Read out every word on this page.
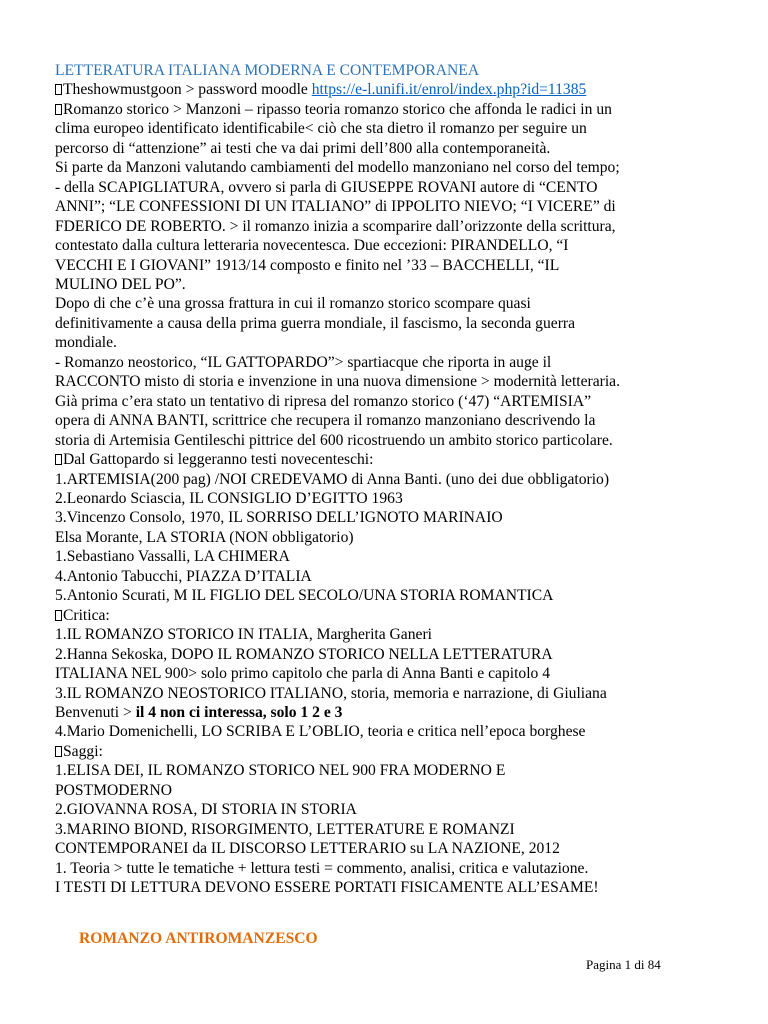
LETTERATURA ITALIANA MODERNA E CONTEMPORANEA
Theshowmustgoon > password moodle https://e-l.unifi.it/enrol/index.php?id=11385
Romanzo storico > Manzoni – ripasso teoria romanzo storico che affonda le radici in un
clima europeo identificato identificabile< ciò che sta dietro il romanzo per seguire un
percorso di “attenzione” ai testi che va dai primi dell’800 alla contemporaneità.
Si parte da Manzoni valutando cambiamenti del modello manzoniano nel corso del tempo;
- della SCAPIGLIATURA, ovvero si parla di GIUSEPPE ROVANI autore di “CENTO
ANNI”; “LE CONFESSIONI DI UN ITALIANO” di IPPOLITO NIEVO; “I VICERE” di
FDERICO DE ROBERTO. > il romanzo inizia a scomparire dall’orizzonte della scrittura,
contestato dalla cultura letteraria novecentesca. Due eccezioni: PIRANDELLO, “I
VECCHI E I GIOVANI” 1913/14 composto e finito nel ’33 – BACCHELLI, “IL
MULINO DEL PO”.
Dopo di che c’è una grossa frattura in cui il romanzo storico scompare quasi
definitivamente a causa della prima guerra mondiale, il fascismo, la seconda guerra
mondiale.
- Romanzo neostorico, “IL GATTOPARDO”> spartiacque che riporta in auge il
RACCONTO misto di storia e invenzione in una nuova dimensione > modernità letteraria.
Già prima c’era stato un tentativo di ripresa del romanzo storico (‘47) “ARTEMISIA”
opera di ANNA BANTI, scrittrice che recupera il romanzo manzoniano descrivendo la
storia di Artemisia Gentileschi pittrice del 600 ricostruendo un ambito storico particolare.
Dal Gattopardo si leggeranno testi novecenteschi:
1.ARTEMISIA(200 pag) /NOI CREDEVAMO di Anna Banti. (uno dei due obbligatorio)
2.Leonardo Sciascia, IL CONSIGLIO D’EGITTO 1963
3.Vincenzo Consolo, 1970, IL SORRISO DELL’IGNOTO MARINAIO
Elsa Morante, LA STORIA (NON obbligatorio)
1.Sebastiano Vassalli, LA CHIMERA
4.Antonio Tabucchi, PIAZZA D’ITALIA
5.Antonio Scurati, M IL FIGLIO DEL SECOLO/UNA STORIA ROMANTICA
Critica:
1.IL ROMANZO STORICO IN ITALIA, Margherita Ganeri
2.Hanna Sekoska, DOPO IL ROMANZO STORICO NELLA LETTERATURA
ITALIANA NEL 900> solo primo capitolo che parla di Anna Banti e capitolo 4
3.IL ROMANZO NEOSTORICO ITALIANO, storia, memoria e narrazione, di Giuliana
Benvenuti > il 4 non ci interessa, solo 1 2 e 3
4.Mario Domenichelli, LO SCRIBA E L’OBLIO, teoria e critica nell’epoca borghese
Saggi:
1.ELISA DEI, IL ROMANZO STORICO NEL 900 FRA MODERNO E
POSTMODERNO
2.GIOVANNA ROSA, DI STORIA IN STORIA
3.MARINO BIOND, RISORGIMENTO, LETTERATURE E ROMANZI
CONTEMPORANEI da IL DISCORSO LETTERARIO su LA NAZIONE, 2012
1. Teoria > tutte le tematiche + lettura testi = commento, analisi, critica e valutazione.
I TESTI DI LETTURA DEVONO ESSERE PORTATI FISICAMENTE ALL’ESAME!
ROMANZO ANTIROMANZESCO
Pagina 1 di 84
